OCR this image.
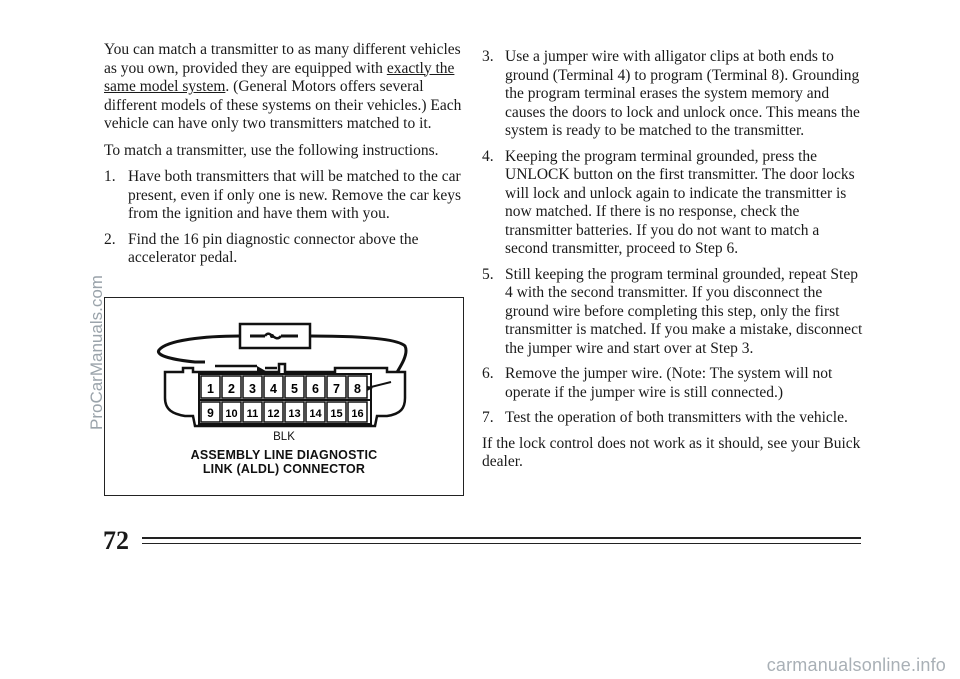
ProCarManuals.com

You can match a transmitter to as many different vehicles as you own, provided they are equipped with exactly the same model system. (General Motors offers several different models of these systems on their vehicles.) Each vehicle can have only two transmitters matched to it.

To match a transmitter, use the following instructions.

1. Have both transmitters that will be matched to the car present, even if only one is new. Remove the car keys from the ignition and have them with you.
2. Find the 16 pin diagnostic connector above the accelerator pedal.
1 2 3 4 5 6 7 8
9 10 11 12 13 14 15 16
BLK
ASSEMBLY LINE DIAGNOSTIC
LINK (ALDL) CONNECTOR
3. Use a jumper wire with alligator clips at both ends to ground (Terminal 4) to program (Terminal 8). Grounding the program terminal erases the system memory and causes the doors to lock and unlock once. This means the system is ready to be matched to the transmitter.
4. Keeping the program terminal grounded, press the UNLOCK button on the first transmitter. The door locks will lock and unlock again to indicate the transmitter is now matched. If there is no response, check the transmitter batteries. If you do not want to match a second transmitter, proceed to Step 6.
5. Still keeping the program terminal grounded, repeat Step 4 with the second transmitter. If you disconnect the ground wire before completing this step, only the first transmitter is matched. If you make a mistake, disconnect the jumper wire and start over at Step 3.
6. Remove the jumper wire. (Note: The system will not operate if the jumper wire is still connected.)
7. Test the operation of both transmitters with the vehicle.

If the lock control does not work as it should, see your Buick dealer.

72
carmanualsonline.info
